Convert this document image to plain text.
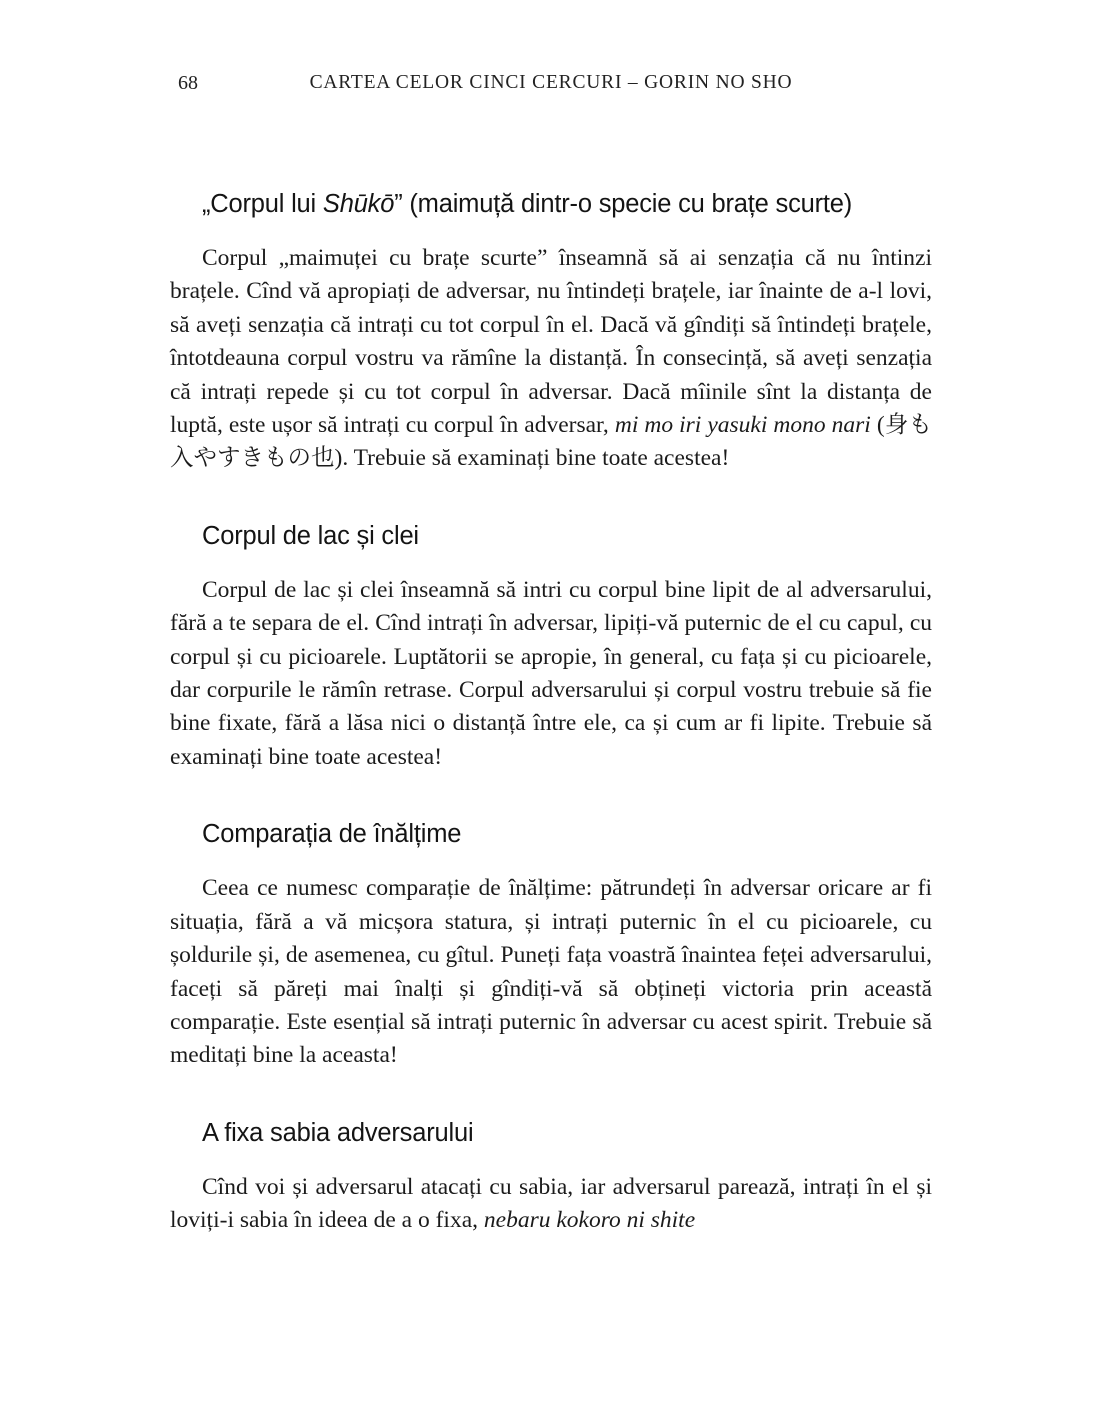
68	CARTEA CELOR CINCI CERCURI – GORIN NO SHO
„Corpul lui Shūkō” (maimuță dintr-o specie cu brațe scurte)

Corpul „maimuței cu brațe scurte” înseamnă să ai senzația că nu întinzi brațele. Cînd vă apropiați de adversar, nu întindeți brațele, iar înainte de a-l lovi, să aveți senzația că intrați cu tot corpul în el. Dacă vă gîndiți să întindeți brațele, întotdeauna corpul vostru va rămîne la distanță. În consecință, să aveți senzația că intrați repede și cu tot corpul în adversar. Dacă mîinile sînt la distanța de luptă, este ușor să intrați cu corpul în adversar, mi mo iri yasuki mono nari (身も入やすきもの也). Trebuie să examinați bine toate acestea!

Corpul de lac și clei

Corpul de lac și clei înseamnă să intri cu corpul bine lipit de al adversarului, fără a te separa de el. Cînd intrați în adversar, lipiți-vă puternic de el cu capul, cu corpul și cu picioarele. Luptătorii se apropie, în general, cu fața și cu picioarele, dar corpurile le rămîn retrase. Corpul adversarului și corpul vostru trebuie să fie bine fixate, fără a lăsa nici o distanță între ele, ca și cum ar fi lipite. Trebuie să examinați bine toate acestea!

Comparația de înălțime

Ceea ce numesc comparație de înălțime: pătrundeți în adversar oricare ar fi situația, fără a vă micșora statura, și intrați puternic în el cu picioarele, cu șoldurile și, de asemenea, cu gîtul. Puneți fața voastră înaintea feței adversarului, faceți să păreți mai înalți și gîndiți-vă să obțineți victoria prin această comparație. Este esențial să intrați puternic în adversar cu acest spirit. Trebuie să meditați bine la aceasta!

A fixa sabia adversarului

Cînd voi și adversarul atacați cu sabia, iar adversarul parează, intrați în el și loviți-i sabia în ideea de a o fixa, nebaru kokoro ni shite
